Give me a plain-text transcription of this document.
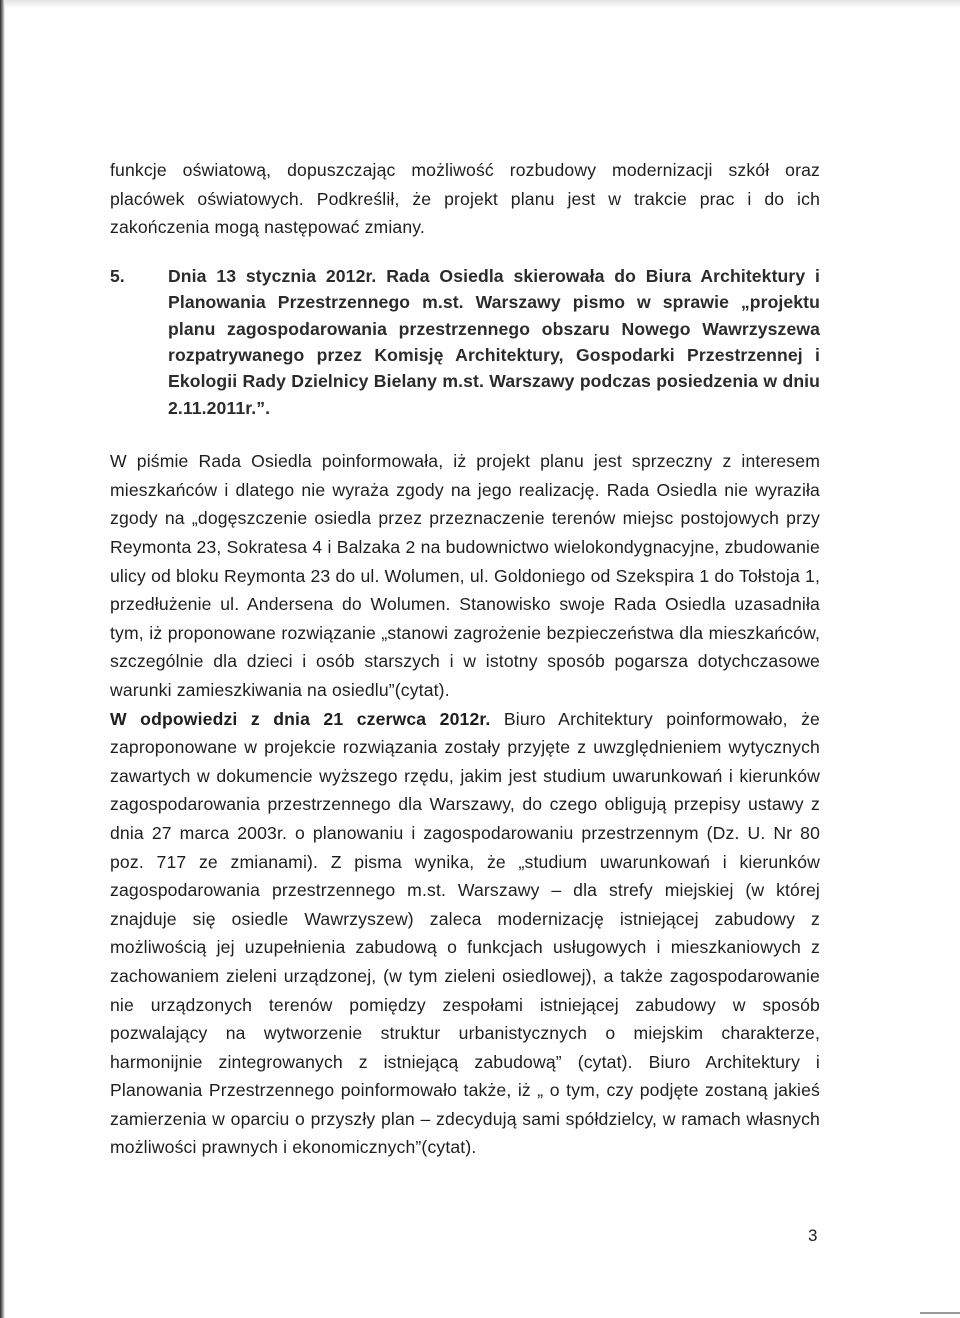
funkcje oświatową, dopuszczając możliwość rozbudowy modernizacji szkół oraz placówek oświatowych. Podkreślił, że projekt planu jest w trakcie prac i do ich zakończenia mogą następować zmiany.

5.	Dnia 13 stycznia 2012r. Rada Osiedla skierowała do Biura Architektury i Planowania Przestrzennego m.st. Warszawy pismo w sprawie „projektu planu zagospodarowania przestrzennego obszaru Nowego Wawrzyszewa rozpatrywanego przez Komisję Architektury, Gospodarki Przestrzennej i Ekologii Rady Dzielnicy Bielany m.st. Warszawy podczas posiedzenia w dniu 2.11.2011r.”.

W piśmie Rada Osiedla poinformowała, iż projekt planu jest sprzeczny z interesem mieszkańców i dlatego nie wyraża zgody na jego realizację. Rada Osiedla nie wyraziła zgody na „dogęszczenie osiedla przez przeznaczenie terenów miejsc postojowych przy Reymonta 23, Sokratesa 4 i Balzaka 2 na budownictwo wielokondygnacyjne, zbudowanie ulicy od bloku Reymonta 23 do ul. Wolumen, ul. Goldoniego od Szekspira 1 do Tołstoja 1, przedłużenie ul. Andersena do Wolumen. Stanowisko swoje Rada Osiedla uzasadniła tym, iż proponowane rozwiązanie „stanowi zagrożenie bezpieczeństwa dla mieszkańców, szczególnie dla dzieci i osób starszych i w istotny sposób pogarsza dotychczasowe warunki zamieszkiwania na osiedlu”(cytat).

W odpowiedzi z dnia 21 czerwca 2012r. Biuro Architektury poinformowało, że zaproponowane w projekcie rozwiązania zostały przyjęte z uwzględnieniem wytycznych zawartych w dokumencie wyższego rzędu, jakim jest studium uwarunkowań i kierunków zagospodarowania przestrzennego dla Warszawy, do czego obligują przepisy ustawy z dnia 27 marca 2003r. o planowaniu i zagospodarowaniu przestrzennym (Dz. U. Nr 80 poz. 717 ze zmianami). Z pisma wynika, że „studium uwarunkowań i kierunków zagospodarowania przestrzennego m.st. Warszawy – dla strefy miejskiej (w której znajduje się osiedle Wawrzyszew) zaleca modernizację istniejącej zabudowy z możliwością jej uzupełnienia zabudową o funkcjach usługowych i mieszkaniowych z zachowaniem zieleni urządzonej, (w tym zieleni osiedlowej), a także zagospodarowanie nie urządzonych terenów pomiędzy zespołami istniejącej zabudowy w sposób pozwalający na wytworzenie struktur urbanistycznych o miejskim charakterze, harmonijnie zintegrowanych z istniejącą zabudową” (cytat). Biuro Architektury i Planowania Przestrzennego poinformowało także, iż „ o tym, czy podjęte zostaną jakieś zamierzenia w oparciu o przyszły plan – zdecydują sami spółdzielcy, w ramach własnych możliwości prawnych i ekonomicznych”(cytat).

3
